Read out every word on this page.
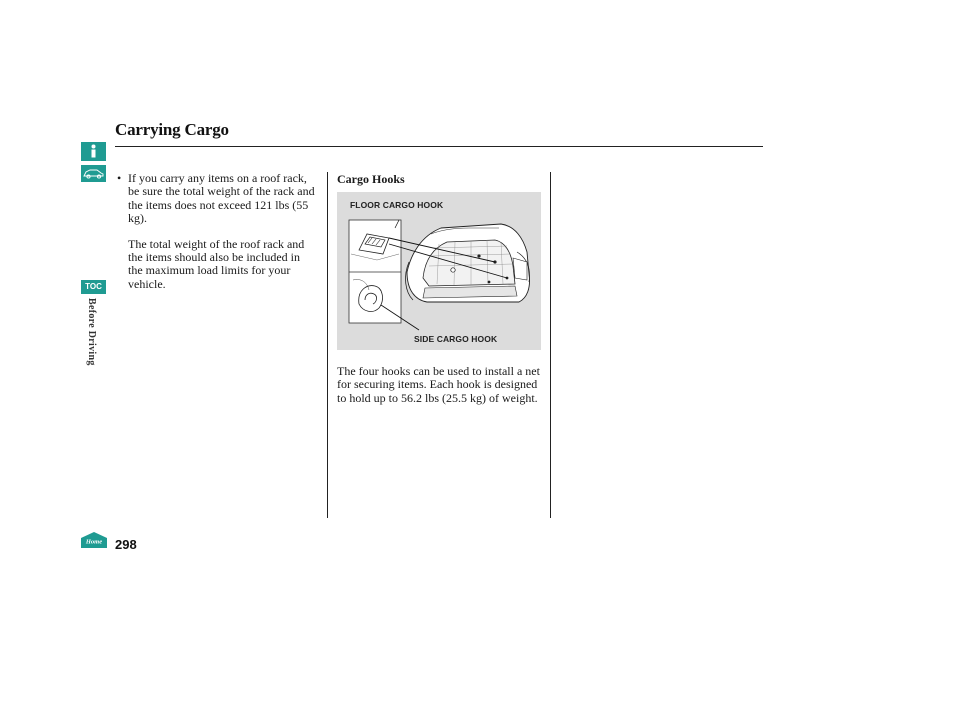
Carrying Cargo
TOC
Before Driving
Home 298
• If you carry any items on a roof rack, be sure the total weight of the rack and the items does not exceed 121 lbs (55 kg).

The total weight of the roof rack and the items should also be included in the maximum load limits for your vehicle.

Cargo Hooks
FLOOR CARGO HOOK
SIDE CARGO HOOK

The four hooks can be used to install a net for securing items. Each hook is designed to hold up to 56.2 lbs (25.5 kg) of weight.
